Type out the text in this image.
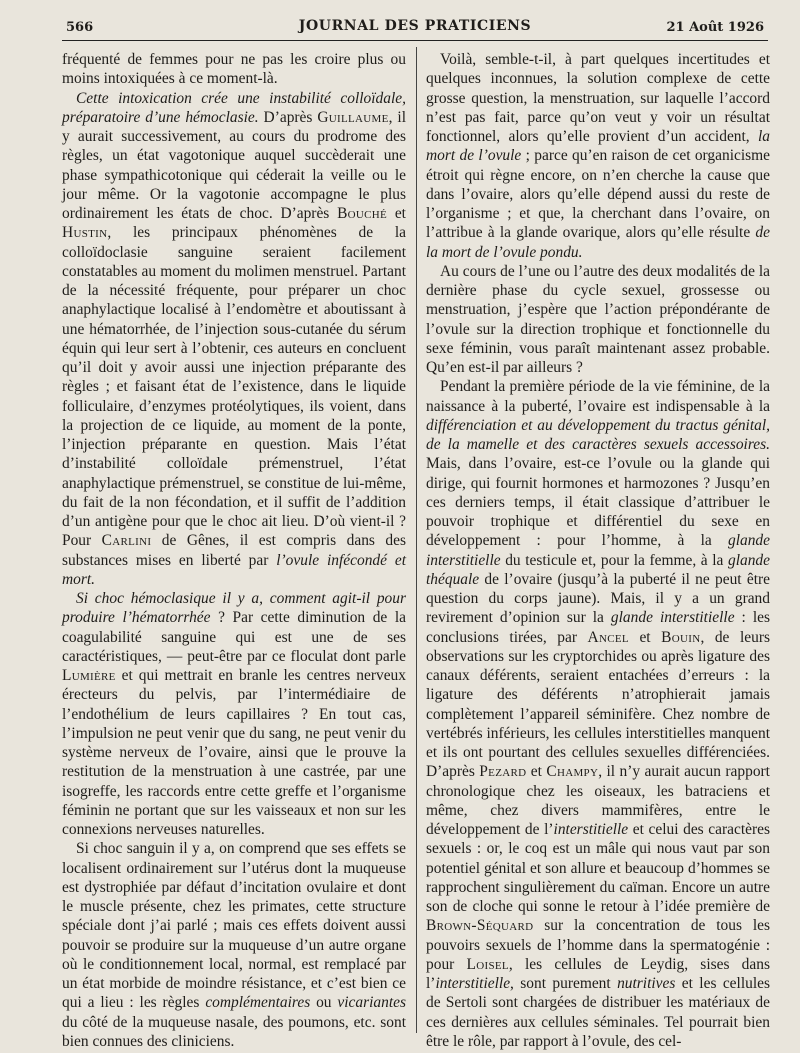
566	JOURNAL DES PRATICIENS	21 Août 1926

fréquenté de femmes pour ne pas les croire plus ou moins intoxiquées à ce moment-là.

Cette intoxication crée une instabilité colloïdale, préparatoire d’une hémoclasie. D’après Guillaume, il y aurait successivement, au cours du prodrome des règles, un état vagotonique auquel succèderait une phase sympathicotonique qui céderait la veille ou le jour même. Or la vagotonie accompagne le plus ordinairement les états de choc. D’après Bouché et Hustin, les principaux phénomènes de la colloïdoclasie sanguine seraient facilement constatables au moment du molimen menstruel. Partant de la nécessité fréquente, pour préparer un choc anaphylactique localisé à l’endomètre et aboutissant à une hématorrhée, de l’injection sous-cutanée du sérum équin qui leur sert à l’obtenir, ces auteurs en concluent qu’il doit y avoir aussi une injection préparante des règles ; et faisant état de l’existence, dans le liquide folliculaire, d’enzymes protéolytiques, ils voient, dans la projection de ce liquide, au moment de la ponte, l’injection préparante en question. Mais l’état d’instabilité colloïdale prémenstruel, l’état anaphylactique prémenstruel, se constitue de lui-même, du fait de la non fécondation, et il suffit de l’addition d’un antigène pour que le choc ait lieu. D’où vient-il ? Pour Carlini de Gênes, il est compris dans des substances mises en liberté par l’ovule infécondé et mort.

Si choc hémoclasique il y a, comment agit-il pour produire l’hématorrhée ? Par cette diminution de la coagulabilité sanguine qui est une de ses caractéristiques, — peut-être par ce floculat dont parle Lumière et qui mettrait en branle les centres nerveux érecteurs du pelvis, par l’intermédiaire de l’endothélium de leurs capillaires ? En tout cas, l’impulsion ne peut venir que du sang, ne peut venir du système nerveux de l’ovaire, ainsi que le prouve la restitution de la menstruation à une castrée, par une isogreffe, les raccords entre cette greffe et l’organisme féminin ne portant que sur les vaisseaux et non sur les connexions nerveuses naturelles.

Si choc sanguin il y a, on comprend que ses effets se localisent ordinairement sur l’utérus dont la muqueuse est dystrophiée par défaut d’incitation ovulaire et dont le muscle présente, chez les primates, cette structure spéciale dont j’ai parlé ; mais ces effets doivent aussi pouvoir se produire sur la muqueuse d’un autre organe où le conditionnement local, normal, est remplacé par un état morbide de moindre résistance, et c’est bien ce qui a lieu : les règles complémentaires ou vicariantes du côté de la muqueuse nasale, des poumons, etc. sont bien connues des cliniciens.

Voilà, semble-t-il, à part quelques incertitudes et quelques inconnues, la solution complexe de cette grosse question, la menstruation, sur laquelle l’accord n’est pas fait, parce qu’on veut y voir un résultat fonctionnel, alors qu’elle provient d’un accident, la mort de l’ovule ; parce qu’en raison de cet organicisme étroit qui règne encore, on n’en cherche la cause que dans l’ovaire, alors qu’elle dépend aussi du reste de l’organisme ; et que, la cherchant dans l’ovaire, on l’attribue à la glande ovarique, alors qu’elle résulte de la mort de l’ovule pondu.

Au cours de l’une ou l’autre des deux modalités de la dernière phase du cycle sexuel, grossesse ou menstruation, j’espère que l’action prépondérante de l’ovule sur la direction trophique et fonctionnelle du sexe féminin, vous paraît maintenant assez probable. Qu’en est-il par ailleurs ?

Pendant la première période de la vie féminine, de la naissance à la puberté, l’ovaire est indispensable à la différenciation et au développement du tractus génital, de la mamelle et des caractères sexuels accessoires. Mais, dans l’ovaire, est-ce l’ovule ou la glande qui dirige, qui fournit hormones et harmozones ? Jusqu’en ces derniers temps, il était classique d’attribuer le pouvoir trophique et différentiel du sexe en développement : pour l’homme, à la glande interstitielle du testicule et, pour la femme, à la glande théquale de l’ovaire (jusqu’à la puberté il ne peut être question du corps jaune). Mais, il y a un grand revirement d’opinion sur la glande interstitielle : les conclusions tirées, par Ancel et Bouin, de leurs observations sur les cryptorchides ou après ligature des canaux déférents, seraient entachées d’erreurs : la ligature des déférents n’atrophierait jamais complètement l’appareil séminifère. Chez nombre de vertébrés inférieurs, les cellules interstitielles manquent et ils ont pourtant des cellules sexuelles différenciées. D’après Pezard et Champy, il n’y aurait aucun rapport chronologique chez les oiseaux, les batraciens et même, chez divers mammifères, entre le développement de l’interstitielle et celui des caractères sexuels : or, le coq est un mâle qui nous vaut par son potentiel génital et son allure et beaucoup d’hommes se rapprochent singulièrement du caïman. Encore un autre son de cloche qui sonne le retour à l’idée première de Brown-Séquard sur la concentration de tous les pouvoirs sexuels de l’homme dans la spermatogénie : pour Loisel, les cellules de Leydig, sises dans l’interstitielle, sont purement nutritives et les cellules de Sertoli sont chargées de distribuer les matériaux de ces dernières aux cellules séminales. Tel pourrait bien être le rôle, par rapport à l’ovule, des cel-
